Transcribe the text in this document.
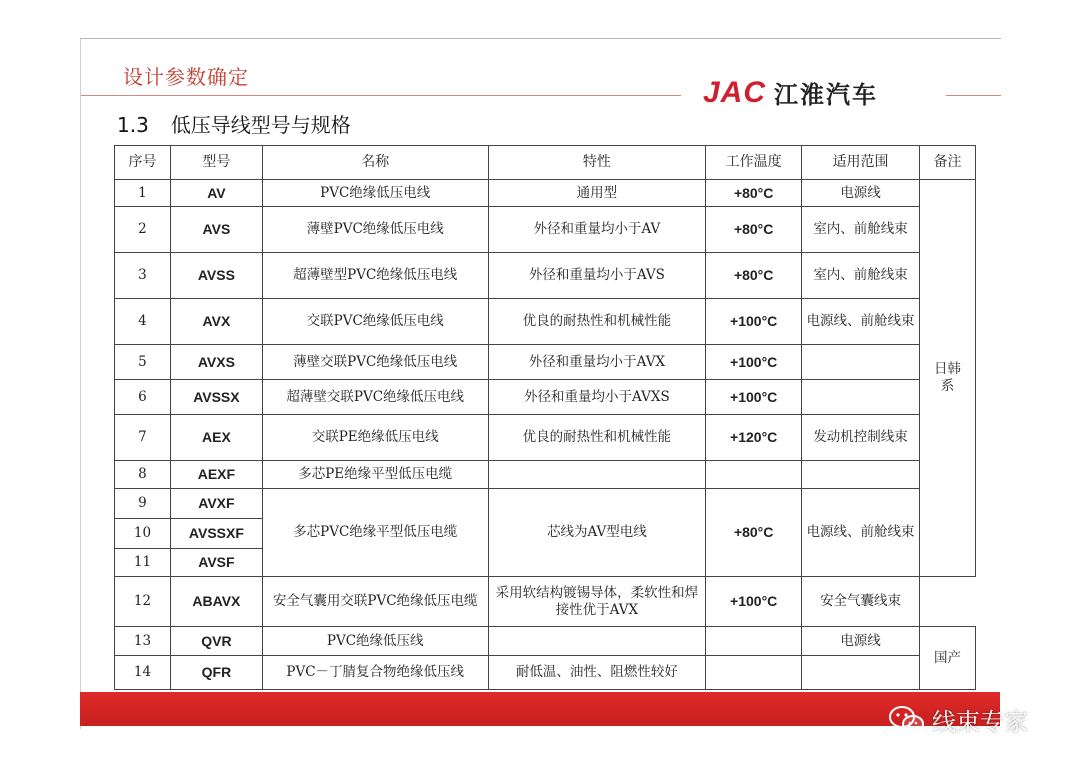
设计参数确定	JAC 江淮汽车
1.3 低压导线型号与规格
序号	型号	名称	特性	工作温度	适用范围	备注
1	AV	PVC绝缘低压电线	通用型	+80°C	电源线	日韩系
2	AVS	薄壁PVC绝缘低压电线	外径和重量均小于AV	+80°C	室内、前舱线束	
3	AVSS	超薄壁型PVC绝缘低压电线	外径和重量均小于AVS	+80°C	室内、前舱线束	
4	AVX	交联PVC绝缘低压电线	优良的耐热性和机械性能	+100°C	电源线、前舱线束	
5	AVXS	薄壁交联PVC绝缘低压电线	外径和重量均小于AVX	+100°C		
6	AVSSX	超薄壁交联PVC绝缘低压电线	外径和重量均小于AVXS	+100°C		
7	AEX	交联PE绝缘低压电线	优良的耐热性和机械性能	+120°C	发动机控制线束	
8	AEXF	多芯PE绝缘平型低压电缆				
9	AVXF	多芯PVC绝缘平型低压电缆	芯线为AV型电线	+80°C	电源线、前舱线束	
10	AVSSXF					
11	AVSF					
12	ABAVX	安全气囊用交联PVC绝缘低压电缆	采用软结构镀锡导体，柔软性和焊接性优于AVX	+100°C	安全气囊线束	
13	QVR	PVC绝缘低压线			电源线	国产
14	QFR	PVC－丁腈复合物绝缘低压线	耐低温、油性、阻燃性较好			
线束专家
